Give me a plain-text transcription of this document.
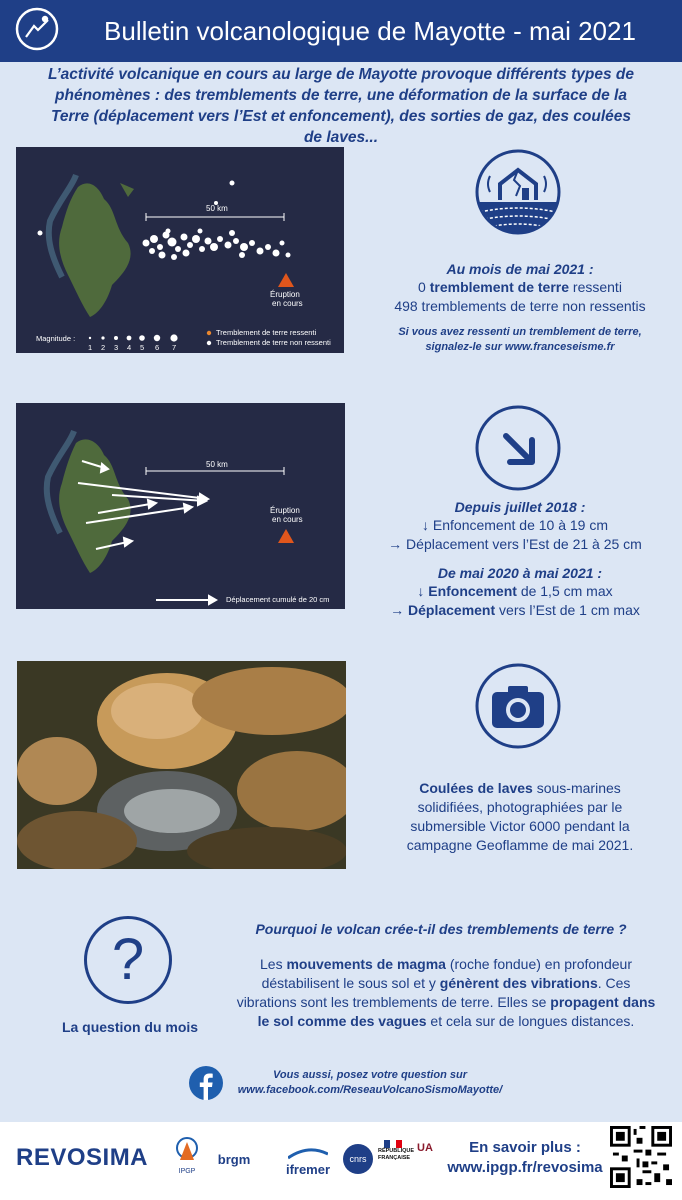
Bulletin volcanologique de Mayotte - mai 2021
L’activité volcanique en cours au large de Mayotte provoque différents types de phénomènes : des tremblements de terre, une déformation de la surface de la Terre (déplacement vers l’Est et enfoncement), des sorties de gaz, des coulées de laves...
50 km
Éruption
en cours
Tremblement de terre ressenti
Tremblement de terre non ressenti
Magnitude :
1 2 3 4 5 6 7
Au mois de mai 2021 :
0 tremblement de terre ressenti
498 tremblements de terre non ressentis
Si vous avez ressenti un tremblement de terre,
signalez-le sur www.franceseisme.fr
50 km
Éruption
en cours
Déplacement cumulé de 20 cm
Depuis juillet 2018 :
↓ Enfoncement de 10 à 19 cm
→ Déplacement vers l’Est de 21 à 25 cm
De mai 2020 à mai 2021 :
↓ Enfoncement de 1,5 cm max
→ Déplacement vers l’Est de 1 cm max
Coulées de laves sous-marines
solidifiées, photographiées par le
submersible Victor 6000 pendant la
campagne Geoflamme de mai 2021.
?
La question du mois
Pourquoi le volcan crée-t-il des tremblements de terre ?
Les mouvements de magma (roche fondue) en profondeur déstabilisent le sous sol et y génèrent des vibrations. Ces vibrations sont les tremblements de terre. Elles se propagent dans le sol comme des vagues et cela sur de longues distances.
Vous aussi, posez votre question sur
www.facebook.com/ReseauVolcanoSismoMayotte/
REVOSIMA
IPGP
brgm
ifremer
cnrs
RÉPUBLIQUE FRANÇAISE
UA	En savoir plus :
www.ipgp.fr/revosima
